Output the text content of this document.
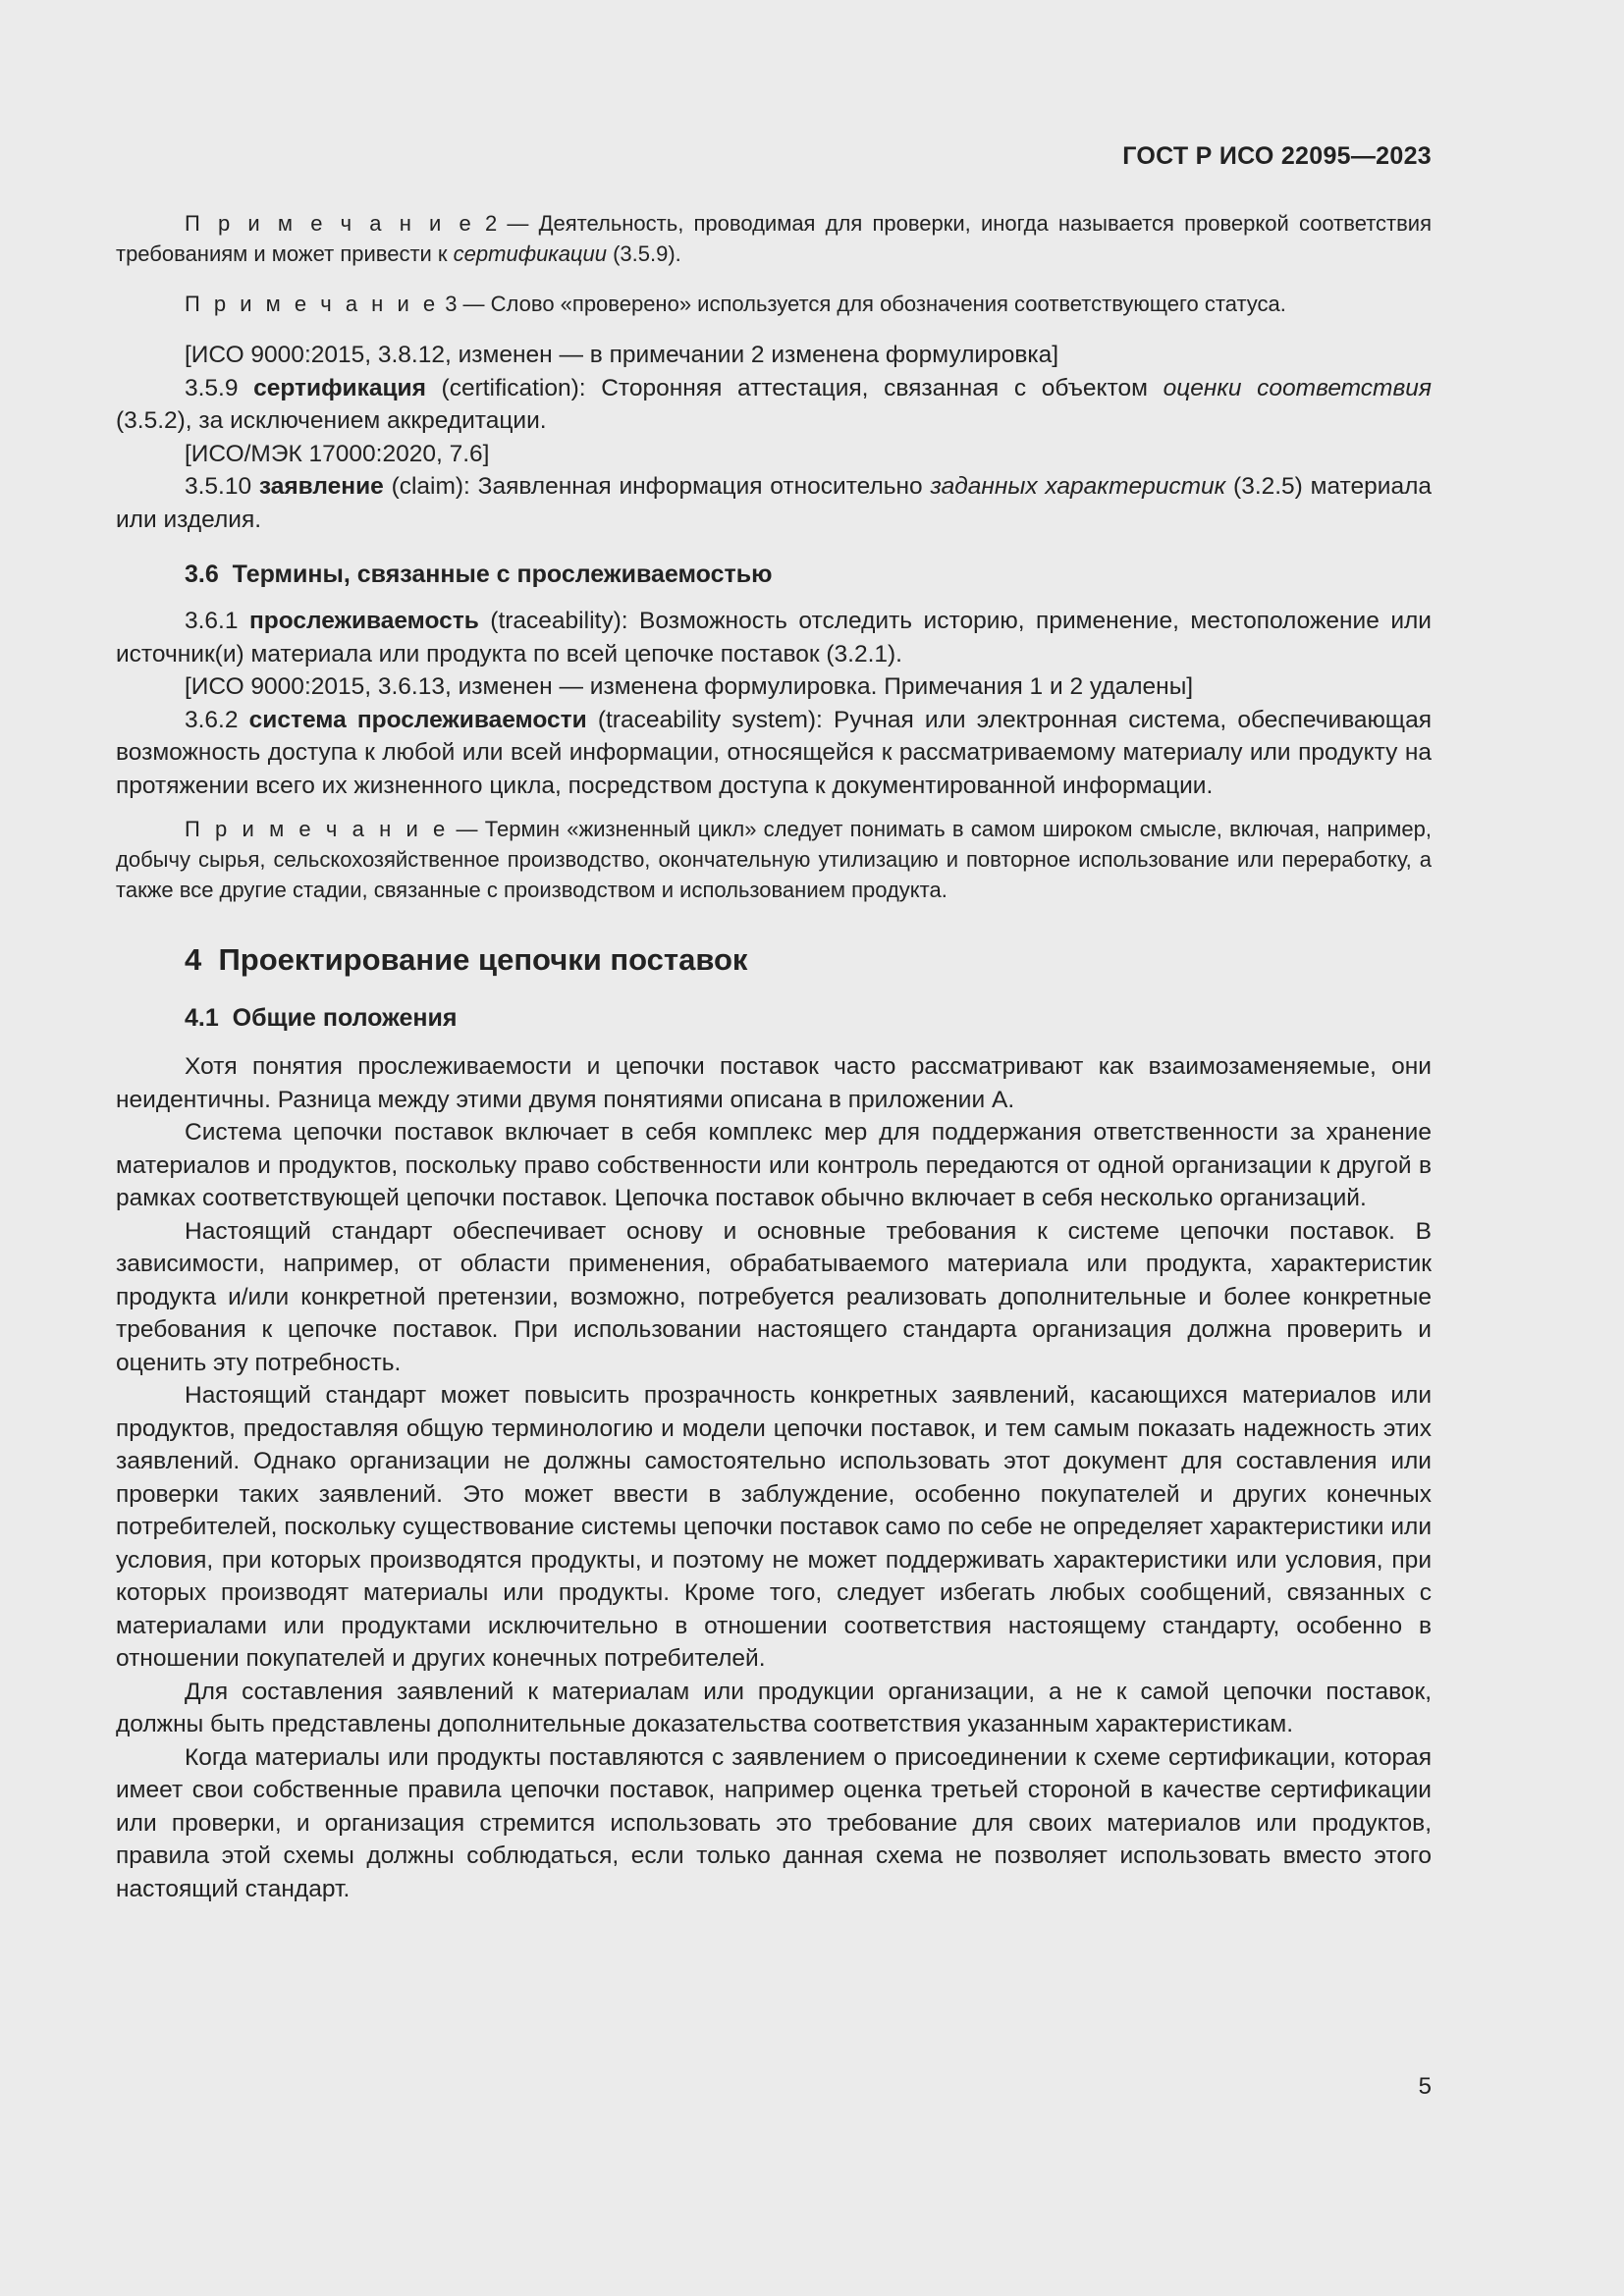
ГОСТ Р ИСО 22095—2023

П р и м е ч а н и е 2 — Деятельность, проводимая для проверки, иногда называется проверкой соответствия требованиям и может привести к сертификации (3.5.9).

П р и м е ч а н и е 3 — Слово «проверено» используется для обозначения соответствующего статуса.

[ИСО 9000:2015, 3.8.12, изменен — в примечании 2 изменена формулировка]

3.5.9 сертификация (certification): Сторонняя аттестация, связанная с объектом оценки соответствия (3.5.2), за исключением аккредитации.

[ИСО/МЭК 17000:2020, 7.6]

3.5.10 заявление (claim): Заявленная информация относительно заданных характеристик (3.2.5) материала или изделия.

3.6 Термины, связанные с прослеживаемостью

3.6.1 прослеживаемость (traceability): Возможность отследить историю, применение, местоположение или источник(и) материала или продукта по всей цепочке поставок (3.2.1).

[ИСО 9000:2015, 3.6.13, изменен — изменена формулировка. Примечания 1 и 2 удалены]

3.6.2 система прослеживаемости (traceability system): Ручная или электронная система, обеспечивающая возможность доступа к любой или всей информации, относящейся к рассматриваемому материалу или продукту на протяжении всего их жизненного цикла, посредством доступа к документированной информации.

П р и м е ч а н и е — Термин «жизненный цикл» следует понимать в самом широком смысле, включая, например, добычу сырья, сельскохозяйственное производство, окончательную утилизацию и повторное использование или переработку, а также все другие стадии, связанные с производством и использованием продукта.

4 Проектирование цепочки поставок
4.1 Общие положения

Хотя понятия прослеживаемости и цепочки поставок часто рассматривают как взаимозаменяемые, они неидентичны. Разница между этими двумя понятиями описана в приложении А.

Система цепочки поставок включает в себя комплекс мер для поддержания ответственности за хранение материалов и продуктов, поскольку право собственности или контроль передаются от одной организации к другой в рамках соответствующей цепочки поставок. Цепочка поставок обычно включает в себя несколько организаций.

Настоящий стандарт обеспечивает основу и основные требования к системе цепочки поставок. В зависимости, например, от области применения, обрабатываемого материала или продукта, характеристик продукта и/или конкретной претензии, возможно, потребуется реализовать дополнительные и более конкретные требования к цепочке поставок. При использовании настоящего стандарта организация должна проверить и оценить эту потребность.

Настоящий стандарт может повысить прозрачность конкретных заявлений, касающихся материалов или продуктов, предоставляя общую терминологию и модели цепочки поставок, и тем самым показать надежность этих заявлений. Однако организации не должны самостоятельно использовать этот документ для составления или проверки таких заявлений. Это может ввести в заблуждение, особенно покупателей и других конечных потребителей, поскольку существование системы цепочки поставок само по себе не определяет характеристики или условия, при которых производятся продукты, и поэтому не может поддерживать характеристики или условия, при которых производят материалы или продукты. Кроме того, следует избегать любых сообщений, связанных с материалами или продуктами исключительно в отношении соответствия настоящему стандарту, особенно в отношении покупателей и других конечных потребителей.

Для составления заявлений к материалам или продукции организации, а не к самой цепочки поставок, должны быть представлены дополнительные доказательства соответствия указанным характеристикам.

Когда материалы или продукты поставляются с заявлением о присоединении к схеме сертификации, которая имеет свои собственные правила цепочки поставок, например оценка третьей стороной в качестве сертификации или проверки, и организация стремится использовать это требование для своих материалов или продуктов, правила этой схемы должны соблюдаться, если только данная схема не позволяет использовать вместо этого настоящий стандарт.

5
